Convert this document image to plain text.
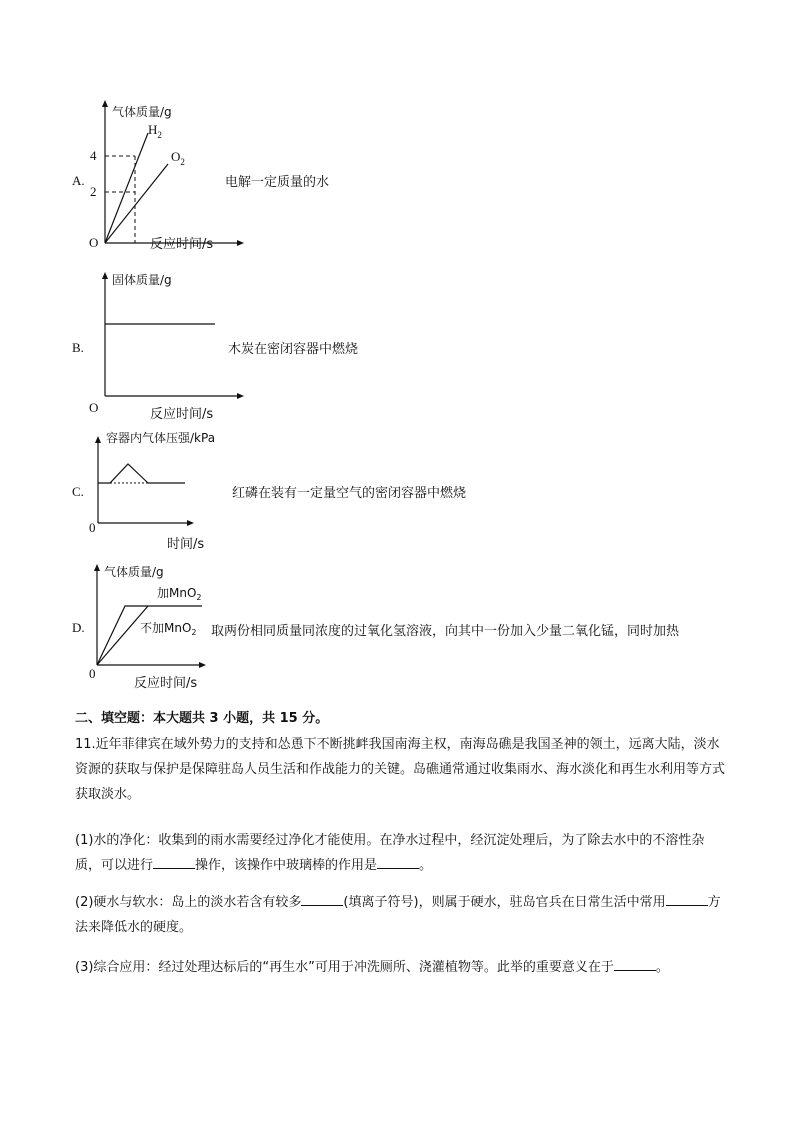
A.
气体质量/g
4
2
$H_2$
$O_2$
O	反应时间/s
电解一定质量的水
B.
固体质量/g
O	反应时间/s
木炭在密闭容器中燃烧
C.
容器内气体压强/kPa
0
时间/s
红磷在装有一定量空气的密闭容器中燃烧
D.
气体质量/g
加MnO$_2$
不加MnO$_2$
0
反应时间/s
取两份相同质量同浓度的过氧化氢溶液，向其中一份加入少量二氧化锰，同时加热
二、填空题：本大题共 3 小题，共 15 分。
11.近年菲律宾在域外势力的支持和怂恿下不断挑衅我国南海主权，南海岛礁是我国圣神的领土，远离大陆，淡水资源的获取与保护是保障驻岛人员生活和作战能力的关键。岛礁通常通过收集雨水、海水淡化和再生水利用等方式获取淡水。
(1)水的净化：收集到的雨水需要经过净化才能使用。在净水过程中，经沉淀处理后，为了除去水中的不溶性杂质，可以进行	操作，该操作中玻璃棒的作用是	。
(2)硬水与软水：岛上的淡水若含有较多	(填离子符号)，则属于硬水，驻岛官兵在日常生活中常用	方法来降低水的硬度。
(3)综合应用：经过处理达标后的“再生水”可用于冲洗厕所、浇灌植物等。此举的重要意义在于	。
